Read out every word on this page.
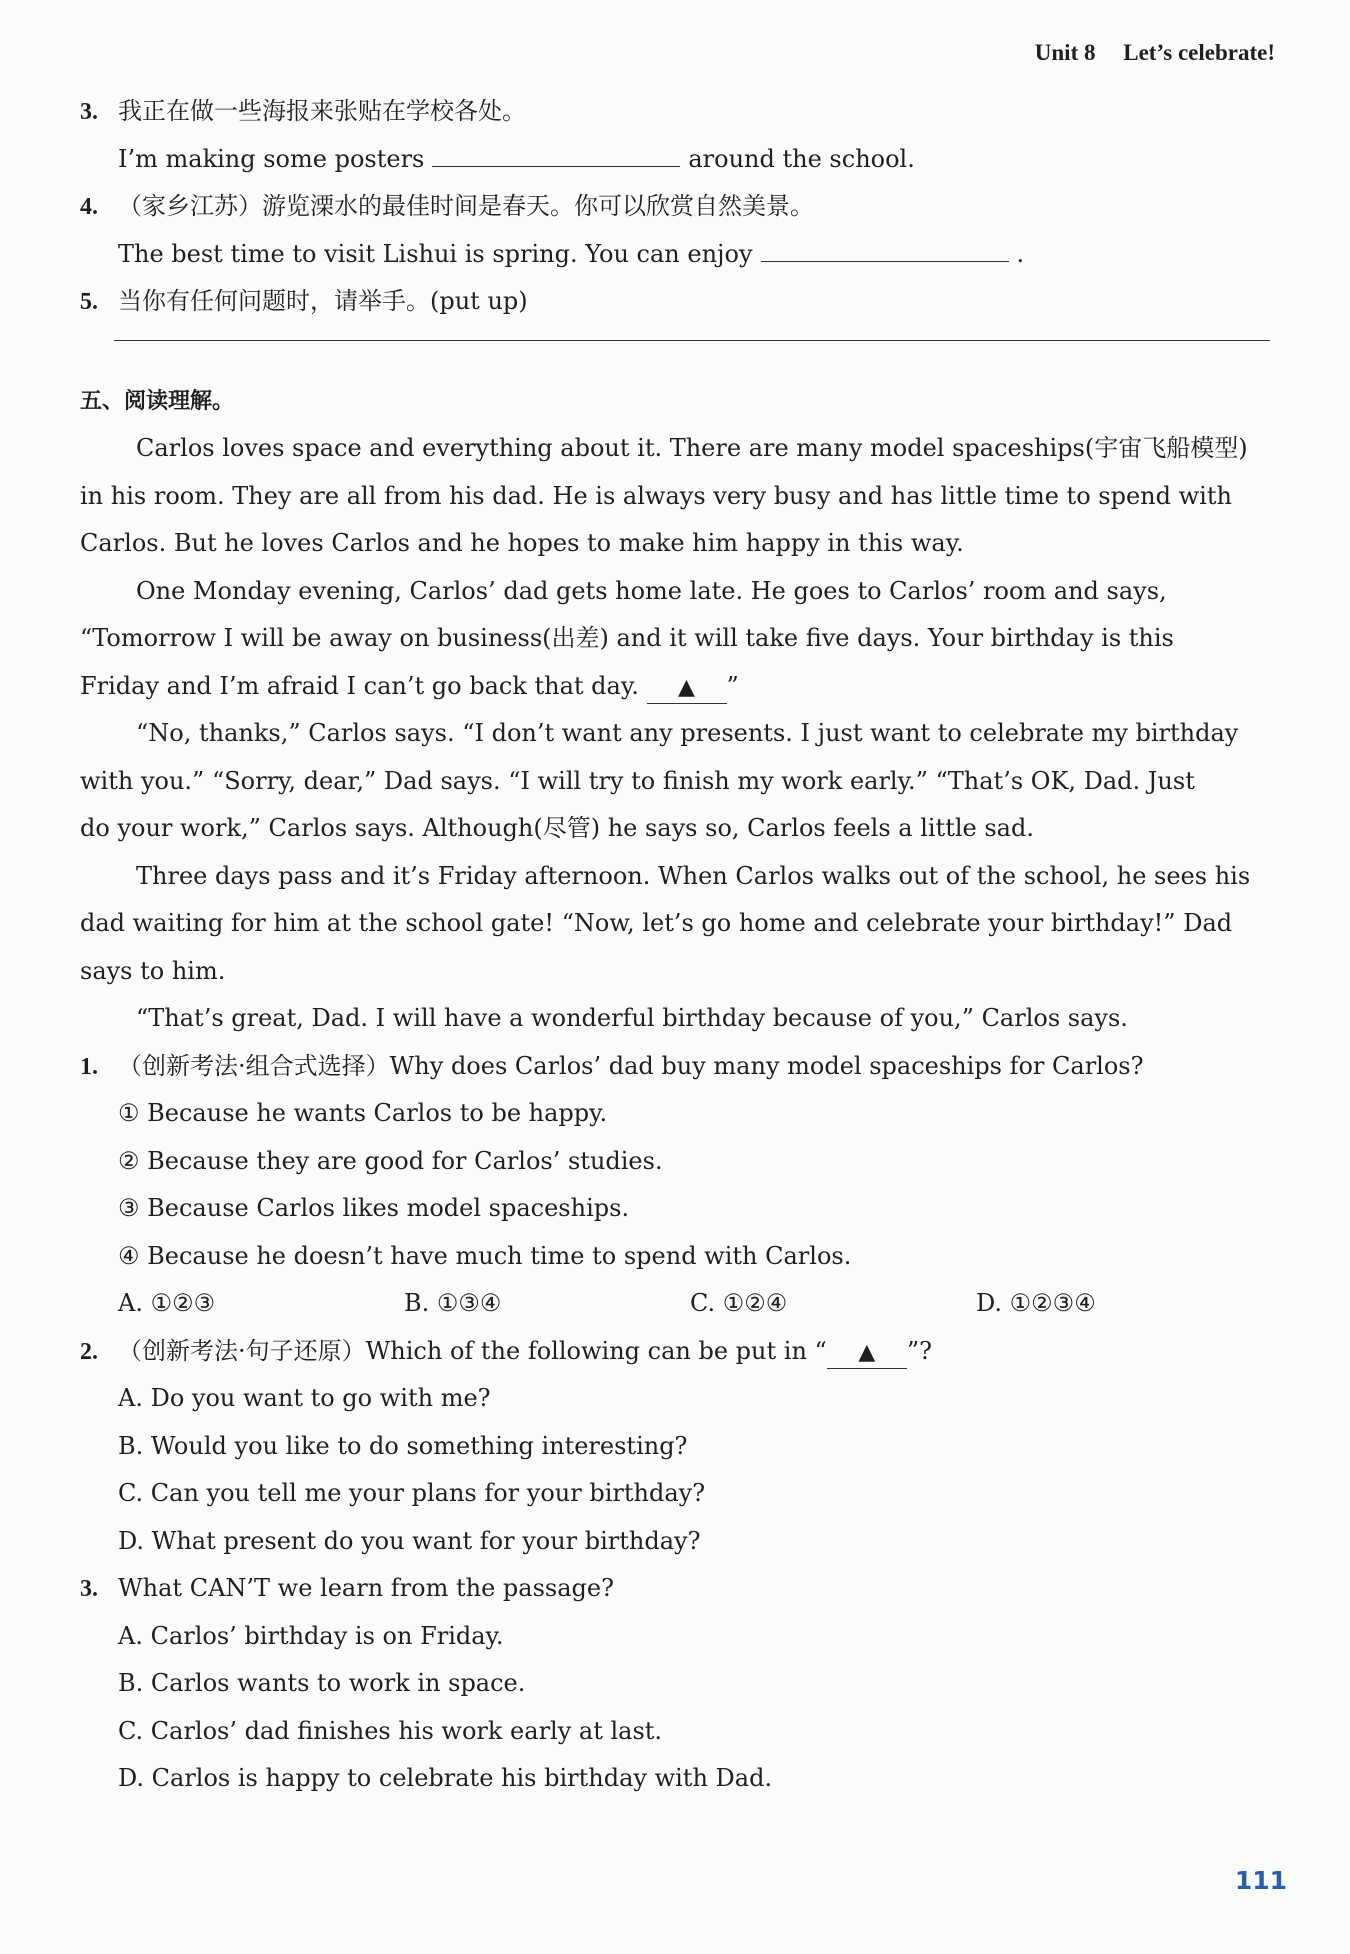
Unit 8 Let’s celebrate!
3. 我正在做一些海报来张贴在学校各处。
I’m making some posters	around the school.
4. （家乡江苏）游览溧水的最佳时间是春天。你可以欣赏自然美景。
The best time to visit Lishui is spring. You can enjoy	.
5. 当你有任何问题时，请举手。(put up)
五、阅读理解。
Carlos loves space and everything about it. There are many model spaceships(宇宙飞船模型)
in his room. They are all from his dad. He is always very busy and has little time to spend with
Carlos. But he loves Carlos and he hopes to make him happy in this way.
One Monday evening, Carlos’ dad gets home late. He goes to Carlos’ room and says,
“Tomorrow I will be away on business(出差) and it will take five days. Your birthday is this
Friday and I’m afraid I can’t go back that day. ▲ ”
“No, thanks,” Carlos says. “I don’t want any presents. I just want to celebrate my birthday
with you.” “Sorry, dear,” Dad says. “I will try to finish my work early.” “That’s OK, Dad. Just
do your work,” Carlos says. Although(尽管) he says so, Carlos feels a little sad.
Three days pass and it’s Friday afternoon. When Carlos walks out of the school, he sees his
dad waiting for him at the school gate! “Now, let’s go home and celebrate your birthday!” Dad
says to him.
“That’s great, Dad. I will have a wonderful birthday because of you,” Carlos says.
1. （创新考法·组合式选择）Why does Carlos’ dad buy many model spaceships for Carlos?
① Because he wants Carlos to be happy.
② Because they are good for Carlos’ studies.
③ Because Carlos likes model spaceships.
④ Because he doesn’t have much time to spend with Carlos.
A. ①②③	B. ①③④	C. ①②④	D. ①②③④
2. （创新考法·句子还原）Which of the following can be put in “ ▲ ”?
A. Do you want to go with me?
B. Would you like to do something interesting?
C. Can you tell me your plans for your birthday?
D. What present do you want for your birthday?
3. What CAN’T we learn from the passage?
A. Carlos’ birthday is on Friday.
B. Carlos wants to work in space.
C. Carlos’ dad finishes his work early at last.
D. Carlos is happy to celebrate his birthday with Dad.
111
